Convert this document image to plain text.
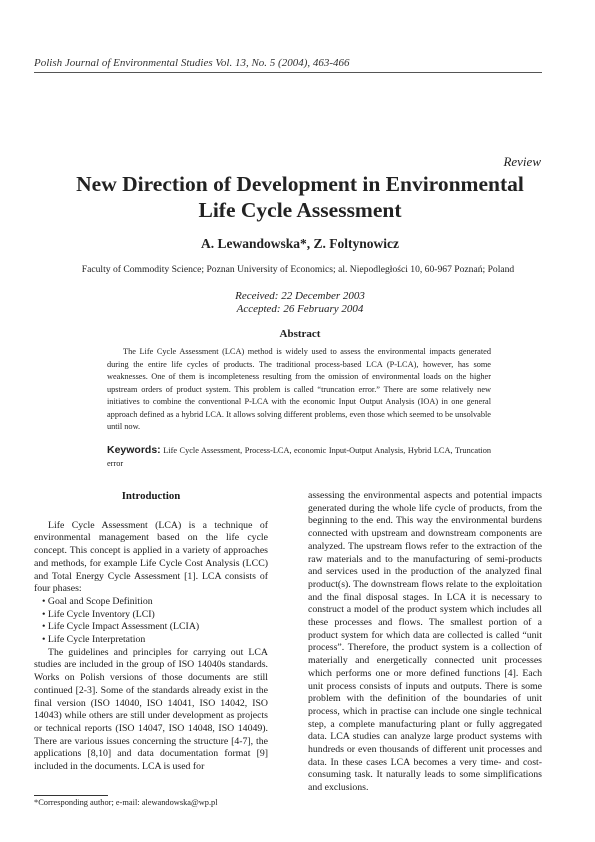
Polish Journal of Environmental Studies Vol. 13, No. 5 (2004), 463-466
Review
New Direction of Development in Environmental Life Cycle Assessment
A. Lewandowska*, Z. Foltynowicz
Faculty of Commodity Science; Poznan University of Economics; al. Niepodległości 10, 60-967 Poznań; Poland
Received: 22 December 2003
Accepted: 26 February 2004
Abstract

The Life Cycle Assessment (LCA) method is widely used to assess the environmental impacts generated during the entire life cycles of products. The traditional process-based LCA (P-LCA), however, has some weaknesses. One of them is incompleteness resulting from the omission of environmental loads on the higher upstream orders of product system. This problem is called “truncation error.” There are some relatively new initiatives to combine the conventional P-LCA with the economic Input Output Analysis (IOA) in one general approach defined as a hybrid LCA. It allows solving different problems, even those which seemed to be unsolvable until now.

Keywords: Life Cycle Assessment, Process-LCA, economic Input-Output Analysis, Hybrid LCA, Truncation error

Introduction

Life Cycle Assessment (LCA) is a technique of environmental management based on the life cycle concept. This concept is applied in a variety of approaches and methods, for example Life Cycle Cost Analysis (LCC) and Total Energy Cycle Assessment [1]. LCA consists of four phases:

• Goal and Scope Definition
• Life Cycle Inventory (LCI)
• Life Cycle Impact Assessment (LCIA)
• Life Cycle Interpretation

The guidelines and principles for carrying out LCA studies are included in the group of ISO 14040s standards. Works on Polish versions of those documents are still continued [2-3]. Some of the standards already exist in the final version (ISO 14040, ISO 14041, ISO 14042, ISO 14043) while others are still under development as projects or technical reports (ISO 14047, ISO 14048, ISO 14049). There are various issues concerning the structure [4-7], the applications [8,10] and data documentation format [9] included in the documents. LCA is used for

assessing the environmental aspects and potential impacts generated during the whole life cycle of products, from the beginning to the end. This way the environmental burdens connected with upstream and downstream components are analyzed. The upstream flows refer to the extraction of the raw materials and to the manufacturing of semi-products and services used in the production of the analyzed final product(s). The downstream flows relate to the exploitation and the final disposal stages. In LCA it is necessary to construct a model of the product system which includes all these processes and flows. The smallest portion of a product system for which data are collected is called “unit process”. Therefore, the product system is a collection of materially and energetically connected unit processes which performs one or more defined functions [4]. Each unit process consists of inputs and outputs. There is some problem with the definition of the boundaries of unit process, which in practise can include one single technical step, a complete manufacturing plant or fully aggregated data. LCA studies can analyze large product systems with hundreds or even thousands of different unit processes and data. In these cases LCA becomes a very time- and cost-consuming task. It naturally leads to some simplifications and exclusions.

*Corresponding author; e-mail: alewandowska@wp.pl
